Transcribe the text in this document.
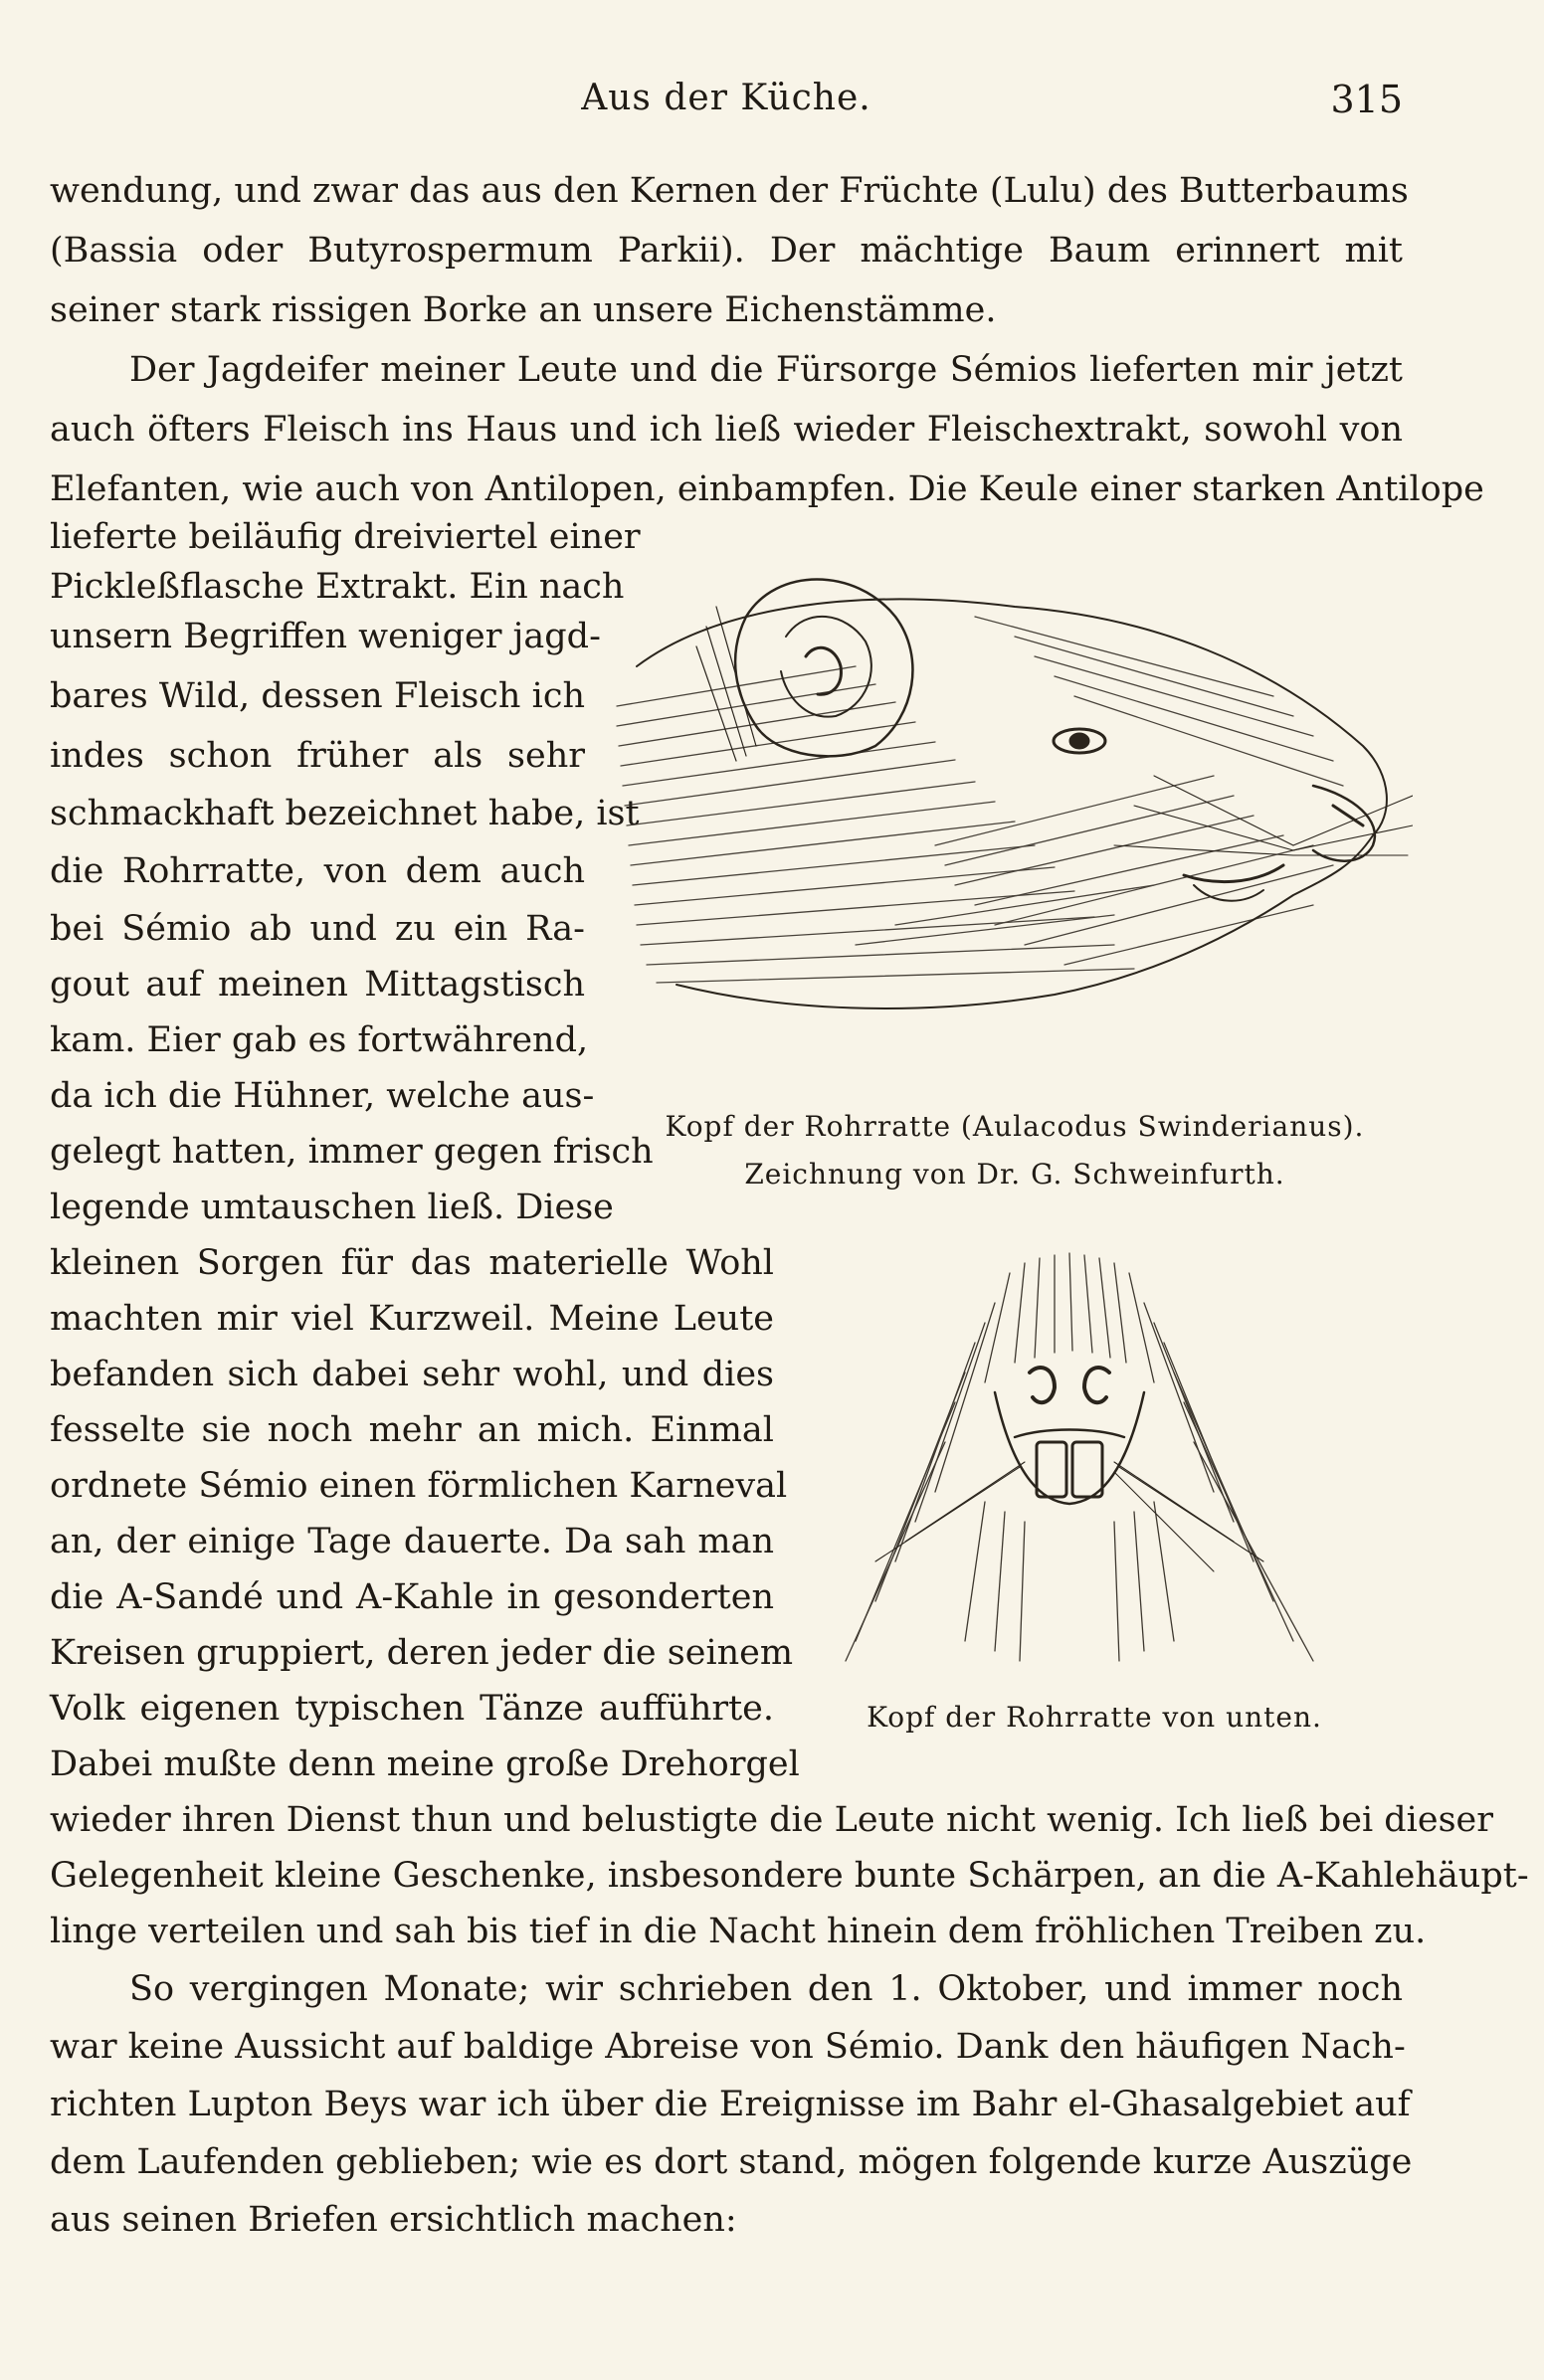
Aus der Küche.	315
wendung, und zwar das aus den Kernen der Früchte (Lulu) des Butterbaums
(Bassia oder Butyrospermum Parkii). Der mächtige Baum erinnert mit
seiner stark rissigen Borke an unsere Eichenstämme.
Der Jagdeifer meiner Leute und die Fürsorge Sémios lieferten mir jetzt
auch öfters Fleisch ins Haus und ich ließ wieder Fleischextrakt, sowohl von
Elefanten, wie auch von Antilopen, einbampfen. Die Keule einer starken Antilope
lieferte beiläufig dreiviertel einer
Pickleßflasche Extrakt. Ein nach
unsern Begriffen weniger jagd-
bares Wild, dessen Fleisch ich
indes schon früher als sehr
schmackhaft bezeichnet habe, ist
die Rohrratte, von dem auch
bei Sémio ab und zu ein Ra-
gout auf meinen Mittagstisch
kam. Eier gab es fortwährend,
da ich die Hühner, welche aus-
gelegt hatten, immer gegen frisch
legende umtauschen ließ. Diese
kleinen Sorgen für das materielle Wohl
machten mir viel Kurzweil. Meine Leute
befanden sich dabei sehr wohl, und dies
fesselte sie noch mehr an mich. Einmal
ordnete Sémio einen förmlichen Karneval
an, der einige Tage dauerte. Da sah man
die A-Sandé und A-Kahle in gesonderten
Kreisen gruppiert, deren jeder die seinem
Volk eigenen typischen Tänze aufführte.
Dabei mußte denn meine große Drehorgel
wieder ihren Dienst thun und belustigte die Leute nicht wenig. Ich ließ bei dieser
Gelegenheit kleine Geschenke, insbesondere bunte Schärpen, an die A-Kahlehäupt-
linge verteilen und sah bis tief in die Nacht hinein dem fröhlichen Treiben zu.
So vergingen Monate; wir schrieben den 1. Oktober, und immer noch
war keine Aussicht auf baldige Abreise von Sémio. Dank den häufigen Nach-
richten Lupton Beys war ich über die Ereignisse im Bahr el-Ghasalgebiet auf
dem Laufenden geblieben; wie es dort stand, mögen folgende kurze Auszüge
aus seinen Briefen ersichtlich machen:
Kopf der Rohrratte (Aulacodus Swinderianus).
Zeichnung von Dr. G. Schweinfurth.
Kopf der Rohrratte von unten.
